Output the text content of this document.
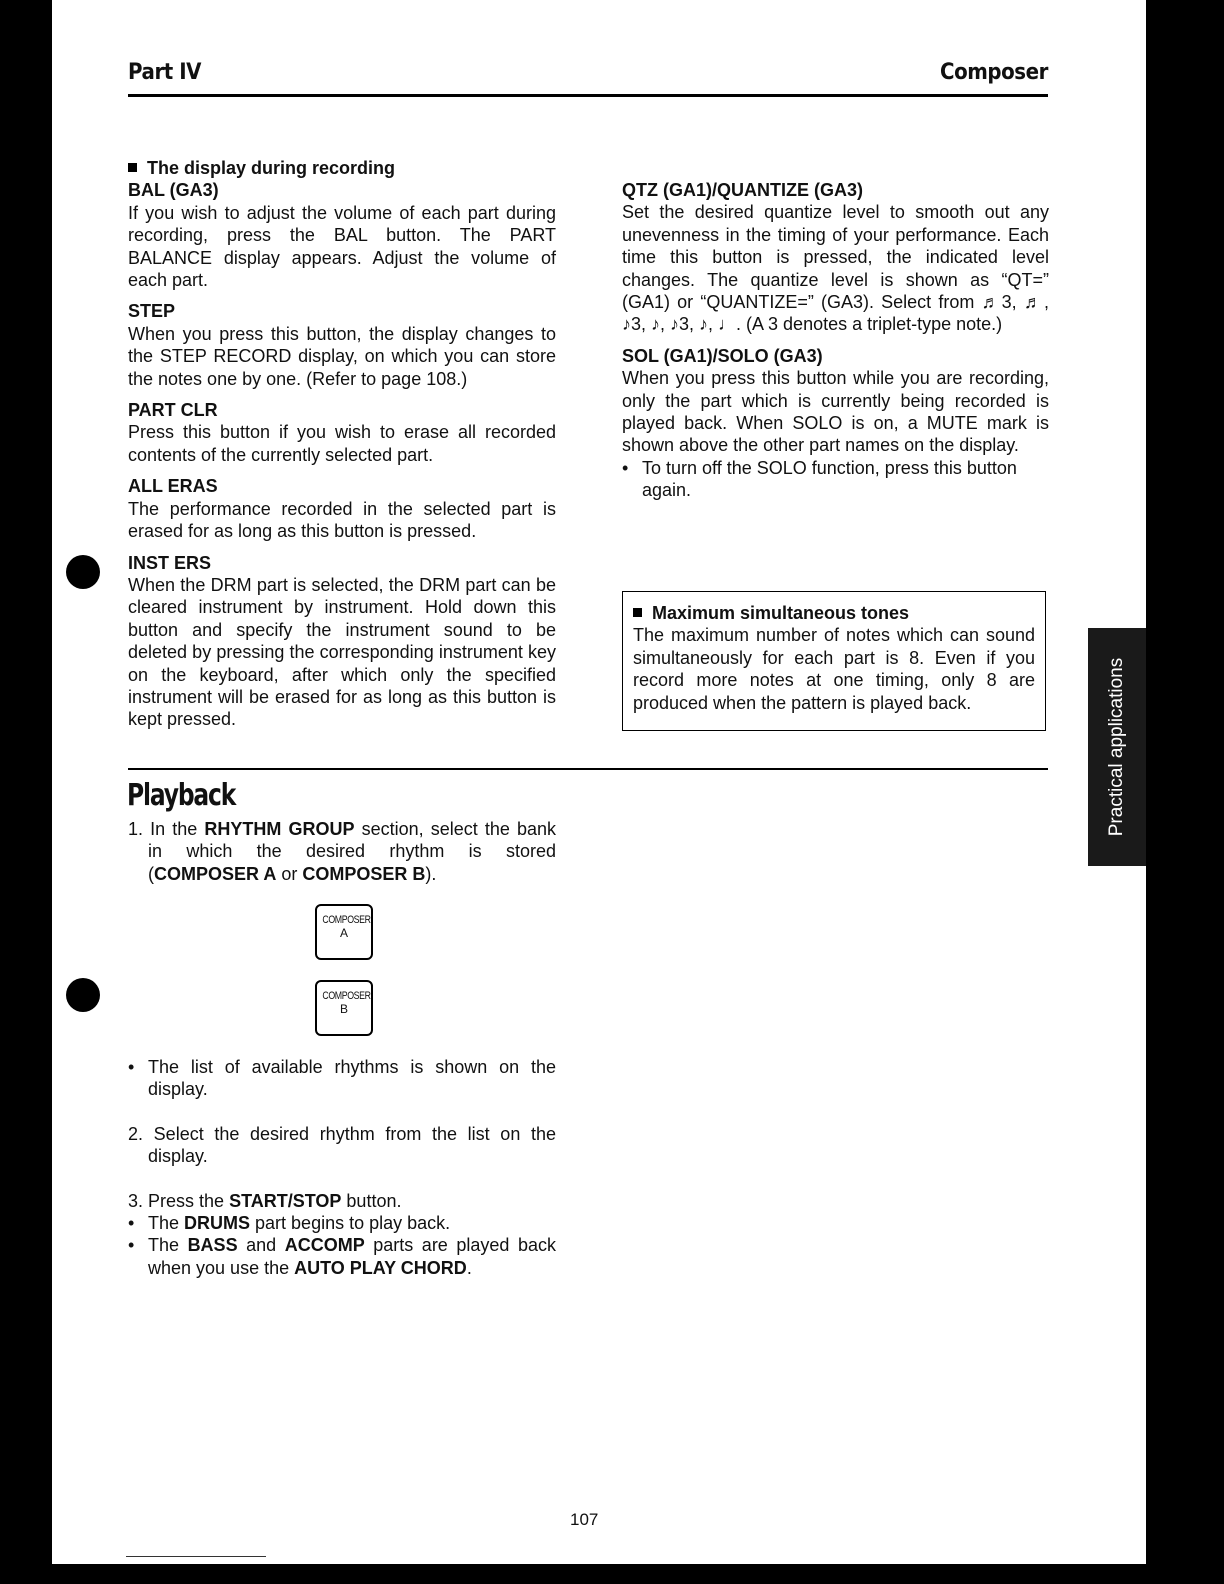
Part IV	Composer

The display during recording

BAL (GA3)

If you wish to adjust the volume of each part during recording, press the BAL button. The PART BALANCE display appears. Adjust the volume of each part.

STEP

When you press this button, the display changes to the STEP RECORD display, on which you can store the notes one by one. (Refer to page 108.)

PART CLR

Press this button if you wish to erase all recorded contents of the currently selected part.

ALL ERAS

The performance recorded in the selected part is erased for as long as this button is pressed.

INST ERS

When the DRM part is selected, the DRM part can be cleared instrument by instrument. Hold down this button and specify the instrument sound to be deleted by pressing the corresponding instrument key on the keyboard, after which only the specified instrument will be erased for as long as this button is kept pressed.

QTZ (GA1)/QUANTIZE (GA3)

Set the desired quantize level to smooth out any unevenness in the timing of your performance. Each time this button is pressed, the indicated level changes. The quantize level is shown as “QT=” (GA1) or “QUANTIZE=” (GA3). Select from ♬3, ♬, ♪3, ♪, ♪3, ♪, ♩. (A 3 denotes a triplet-type note.)

SOL (GA1)/SOLO (GA3)

When you press this button while you are recording, only the part which is currently being recorded is played back. When SOLO is on, a MUTE mark is shown above the other part names on the display.

• To turn off the SOLO function, press this button again.

Maximum simultaneous tones

The maximum number of notes which can sound simultaneously for each part is 8. Even if you record more notes at one timing, only 8 are produced when the pattern is played back.

Playback

1. In the RHYTHM GROUP section, select the bank in which the desired rhythm is stored (COMPOSER A or COMPOSER B).

COMPOSER
A
COMPOSER
B

• The list of available rhythms is shown on the display.

2. Select the desired rhythm from the list on the display.

3. Press the START/STOP button.

• The DRUMS part begins to play back.

• The BASS and ACCOMP parts are played back when you use the AUTO PLAY CHORD.

Practical applications
107
